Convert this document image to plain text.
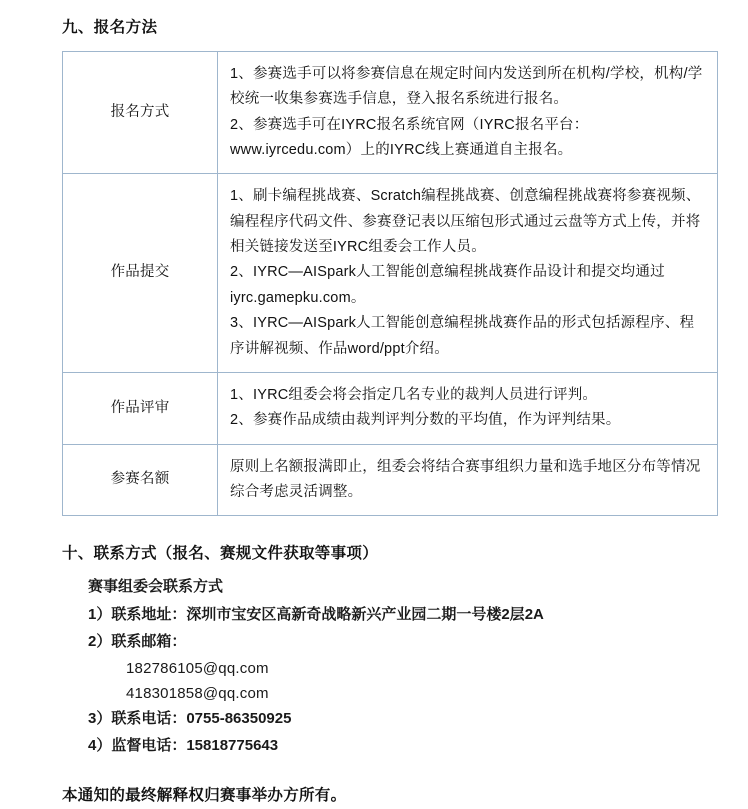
九、报名方法
报名方式	1、参赛选手可以将参赛信息在规定时间内发送到所在机构/学校，机构/学校统一收集参赛选手信息，登入报名系统进行报名。

2、参赛选手可在IYRC报名系统官网（IYRC报名平台：www.iyrcedu.com）上的IYRC线上赛通道自主报名。

作品提交	1、刷卡编程挑战赛、Scratch编程挑战赛、创意编程挑战赛将参赛视频、编程程序代码文件、参赛登记表以压缩包形式通过云盘等方式上传，并将相关链接发送至IYRC组委会工作人员。

2、IYRC—AISpark人工智能创意编程挑战赛作品设计和提交均通过iyrc.gamepku.com。

3、IYRC—AISpark人工智能创意编程挑战赛作品的形式包括源程序、程序讲解视频、作品word/ppt介绍。

作品评审	1、IYRC组委会将会指定几名专业的裁判人员进行评判。

2、参赛作品成绩由裁判评判分数的平均值，作为评判结果。

参赛名额	原则上名额报满即止，组委会将结合赛事组织力量和选手地区分布等情况综合考虑灵活调整。

十、联系方式（报名、赛规文件获取等事项）
赛事组委会联系方式
1）联系地址：深圳市宝安区高新奇战略新兴产业园二期一号楼2层2A
2）联系邮箱：
182786105@qq.com
418301858@qq.com
3）联系电话：0755-86350925
4）监督电话：15818775643
本通知的最终解释权归赛事举办方所有。
